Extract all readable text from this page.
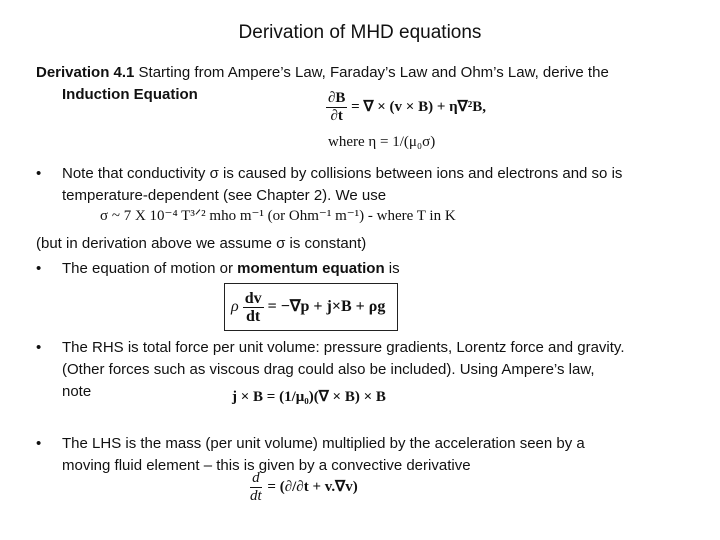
Derivation of MHD equations
Derivation 4.1 Starting from Ampere’s Law, Faraday’s Law and Ohm’s Law, derive the
Induction Equation	$\frac{\partial B}{\partial t}$ = ∇ × (v × B) + η∇²B,
where η = 1/(μ₀σ)
• Note that conductivity σ is caused by collisions between ions and electrons and so is
temperature-dependent (see Chapter 2). We use
σ ~ 7 X 10⁻⁴ T³ᐟ² mho m⁻¹ (or Ohm⁻¹ m⁻¹) - where T in K
(but in derivation above we assume σ is constant)
• The equation of motion or momentum equation is
ρ $\frac{dv}{dt} = -\nabla p + j\times B + \rho g$
• The RHS is total force per unit volume: pressure gradients, Lorentz force and gravity.
(Other forces such as viscous drag could also be included). Using Ampere’s law,
note	j × B = (1/μ₀)(∇ × B) × B
• The LHS is the mass (per unit volume) multiplied by the acceleration seen by a
moving fluid element – this is given by a convective derivative
$\frac{d}{dt} = (\partial/\partial t + v.\nabla v)$
